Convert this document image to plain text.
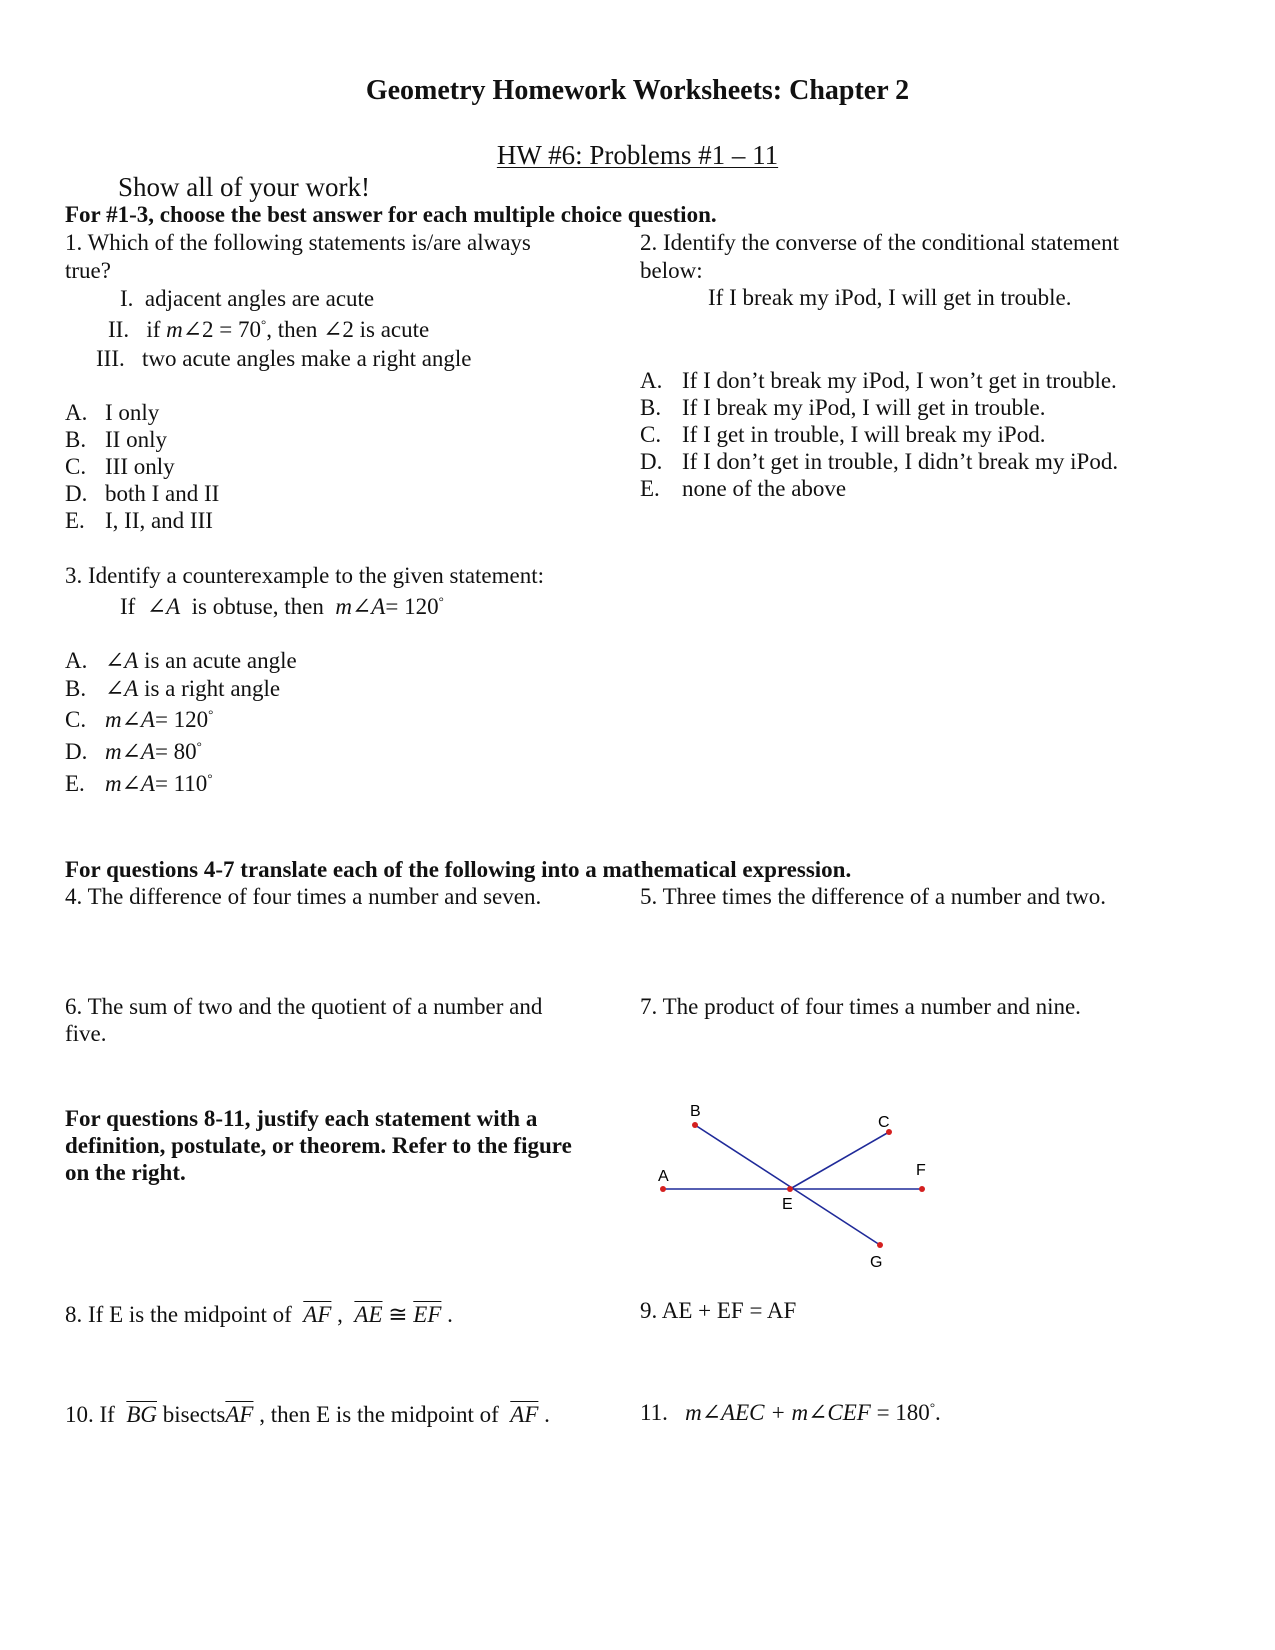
Geometry Homework Worksheets: Chapter 2
HW #6: Problems #1 – 11
Show all of your work!
For #1-3, choose the best answer for each multiple choice question.
1. Which of the following statements is/are always
true?
I. adjacent angles are acute
II. if m∠2 = 70°, then ∠2 is acute
III. two acute angles make a right angle
A. I only
B. II only
C. III only
D. both I and II
E. I, II, and III
2. Identify the converse of the conditional statement
below:
If I break my iPod, I will get in trouble.
A. If I don’t break my iPod, I won’t get in trouble.
B. If I break my iPod, I will get in trouble.
C. If I get in trouble, I will break my iPod.
D. If I don’t get in trouble, I didn’t break my iPod.
E. none of the above
3. Identify a counterexample to the given statement:
If ∠A is obtuse, then m∠A= 120°
A. ∠A is an acute angle
B. ∠A is a right angle
C. m∠A= 120°
D. m∠A= 80°
E. m∠A= 110°
For questions 4-7 translate each of the following into a mathematical expression.
4. The difference of four times a number and seven.	5. Three times the difference of a number and two.
6. The sum of two and the quotient of a number and
five.
7. The product of four times a number and nine.
For questions 8-11, justify each statement with a
definition, postulate, or theorem. Refer to the figure
on the right.	A
B
C
E
F
G
8. If E is the midpoint of $\overline{AF}$ , $\overline{AE}$ ≅ $\overline{EF}$ .	9. AE + EF = AF
10. If $\overline{BG}$ $bisects\overline{AF}$ , then E is the midpoint of $\overline{AF}$ .	11. m∠AEC + m∠CEF = 180°.
